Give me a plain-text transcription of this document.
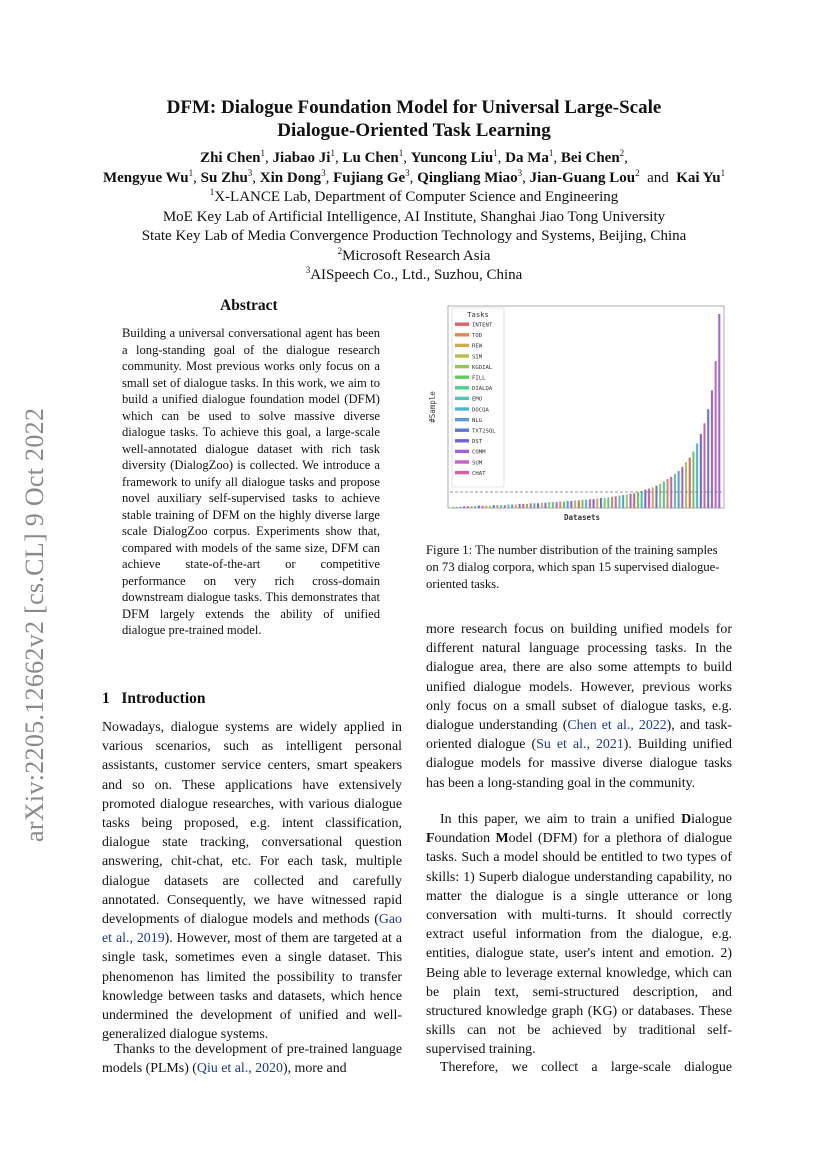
DFM: Dialogue Foundation Model for Universal Large-Scale
Dialogue-Oriented Task Learning
Zhi Chen$^1$, Jiabao Ji$^1$, Lu Chen$^1$, Yuncong Liu$^1$, Da Ma$^1$, Bei Chen$^2$,
Mengyue Wu$^1$, Su Zhu$^3$, Xin Dong$^3$, Fujiang Ge$^3$, Qingliang Miao$^3$, Jian-Guang Lou$^2$  and  Kai Yu$^1$
$^1$X-LANCE Lab, Department of Computer Science and Engineering
MoE Key Lab of Artificial Intelligence, AI Institute, Shanghai Jiao Tong University
State Key Lab of Media Convergence Production Technology and Systems, Beijing, China
$^2$Microsoft Research Asia
$^3$AISpeech Co., Ltd., Suzhou, China
arXiv:2205.12662v2 [cs.CL] 9 Oct 2022
Abstract
Building a universal conversational agent has been a long-standing goal of the dialogue research community. Most previous works only focus on a small set of dialogue tasks. In this work, we aim to build a unified dialogue foundation model (DFM) which can be used to solve massive diverse dialogue tasks. To achieve this goal, a large-scale well-annotated dialogue dataset with rich task diversity (DialogZoo) is collected. We introduce a framework to unify all dialogue tasks and propose novel auxiliary self-supervised tasks to achieve stable training of DFM on the highly diverse large scale DialogZoo corpus. Experiments show that, compared with models of the same size, DFM can achieve state-of-the-art or competitive performance on very rich cross-domain downstream dialogue tasks. This demonstrates that DFM largely extends the ability of unified dialogue pre-trained model.
1 Introduction
Nowadays, dialogue systems are widely applied in various scenarios, such as intelligent personal assistants, customer service centers, smart speakers and so on. These applications have extensively promoted dialogue researches, with various dialogue tasks being proposed, e.g. intent classification, dialogue state tracking, conversational question answering, chit-chat, etc. For each task, multiple dialogue datasets are collected and carefully annotated. Consequently, we have witnessed rapid developments of dialogue models and methods (Gao et al., 2019). However, most of them are targeted at a single task, sometimes even a single dataset. This phenomenon has limited the possibility to transfer knowledge between tasks and datasets, which hence undermined the development of unified and well-generalized dialogue systems.
Thanks to the development of pre-trained language models (PLMs) (Qiu et al., 2020), more and
more research focus on building unified models for different natural language processing tasks. In the dialogue area, there are also some attempts to build unified dialogue models. However, previous works only focus on a small subset of dialogue tasks, e.g. dialogue understanding (Chen et al., 2022), and task-oriented dialogue (Su et al., 2021). Building unified dialogue models for massive diverse dialogue tasks has been a long-standing goal in the community.
In this paper, we aim to train a unified Dialogue Foundation Model (DFM) for a plethora of dialogue tasks. Such a model should be entitled to two types of skills: 1) Superb dialogue understanding capability, no matter the dialogue is a single utterance or long conversation with multi-turns. It should correctly extract useful information from the dialogue, e.g. entities, dialogue state, user's intent and emotion. 2) Being able to leverage external knowledge, which can be plain text, semi-structured description, and structured knowledge graph (KG) or databases. These skills can not be achieved by traditional self-supervised training.
Therefore, we collect a large-scale dialogue
#Sample
Datasets
Tasks
INTENT
TOD
REW
SIM
KGDIAL
FILL
DIALQA
EMO
DOCQA
NLG
TXT2SQL
DST
COMM
SUM
CHAT
Figure 1: The number distribution of the training samples on 73 dialog corpora, which span 15 supervised dialogue-oriented tasks.
